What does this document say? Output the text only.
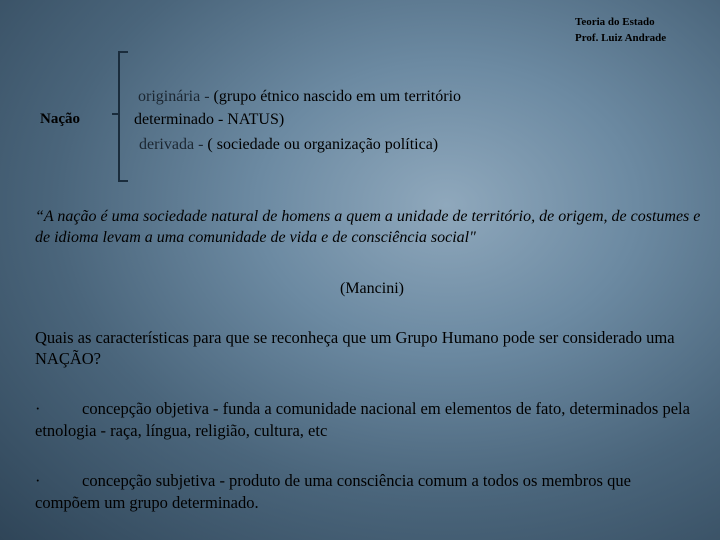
Teoria do Estado
Prof. Luiz Andrade
Nação
originária - (grupo étnico nascido em um território
determinado - NATUS)
derivada - ( sociedade ou organização política)
“A nação é uma sociedade natural de homens a quem a unidade de território, de origem, de costumes e de idioma levam a uma comunidade de vida e de consciência social"
(Mancini)
Quais as características para que se reconheça que um Grupo Humano pode ser considerado uma NAÇÃO?
·	concepção objetiva - funda a comunidade nacional em elementos de fato, determinados pela etnologia - raça, língua, religião, cultura, etc
·	concepção subjetiva - produto de uma consciência comum a todos os membros que compõem um grupo determinado.
